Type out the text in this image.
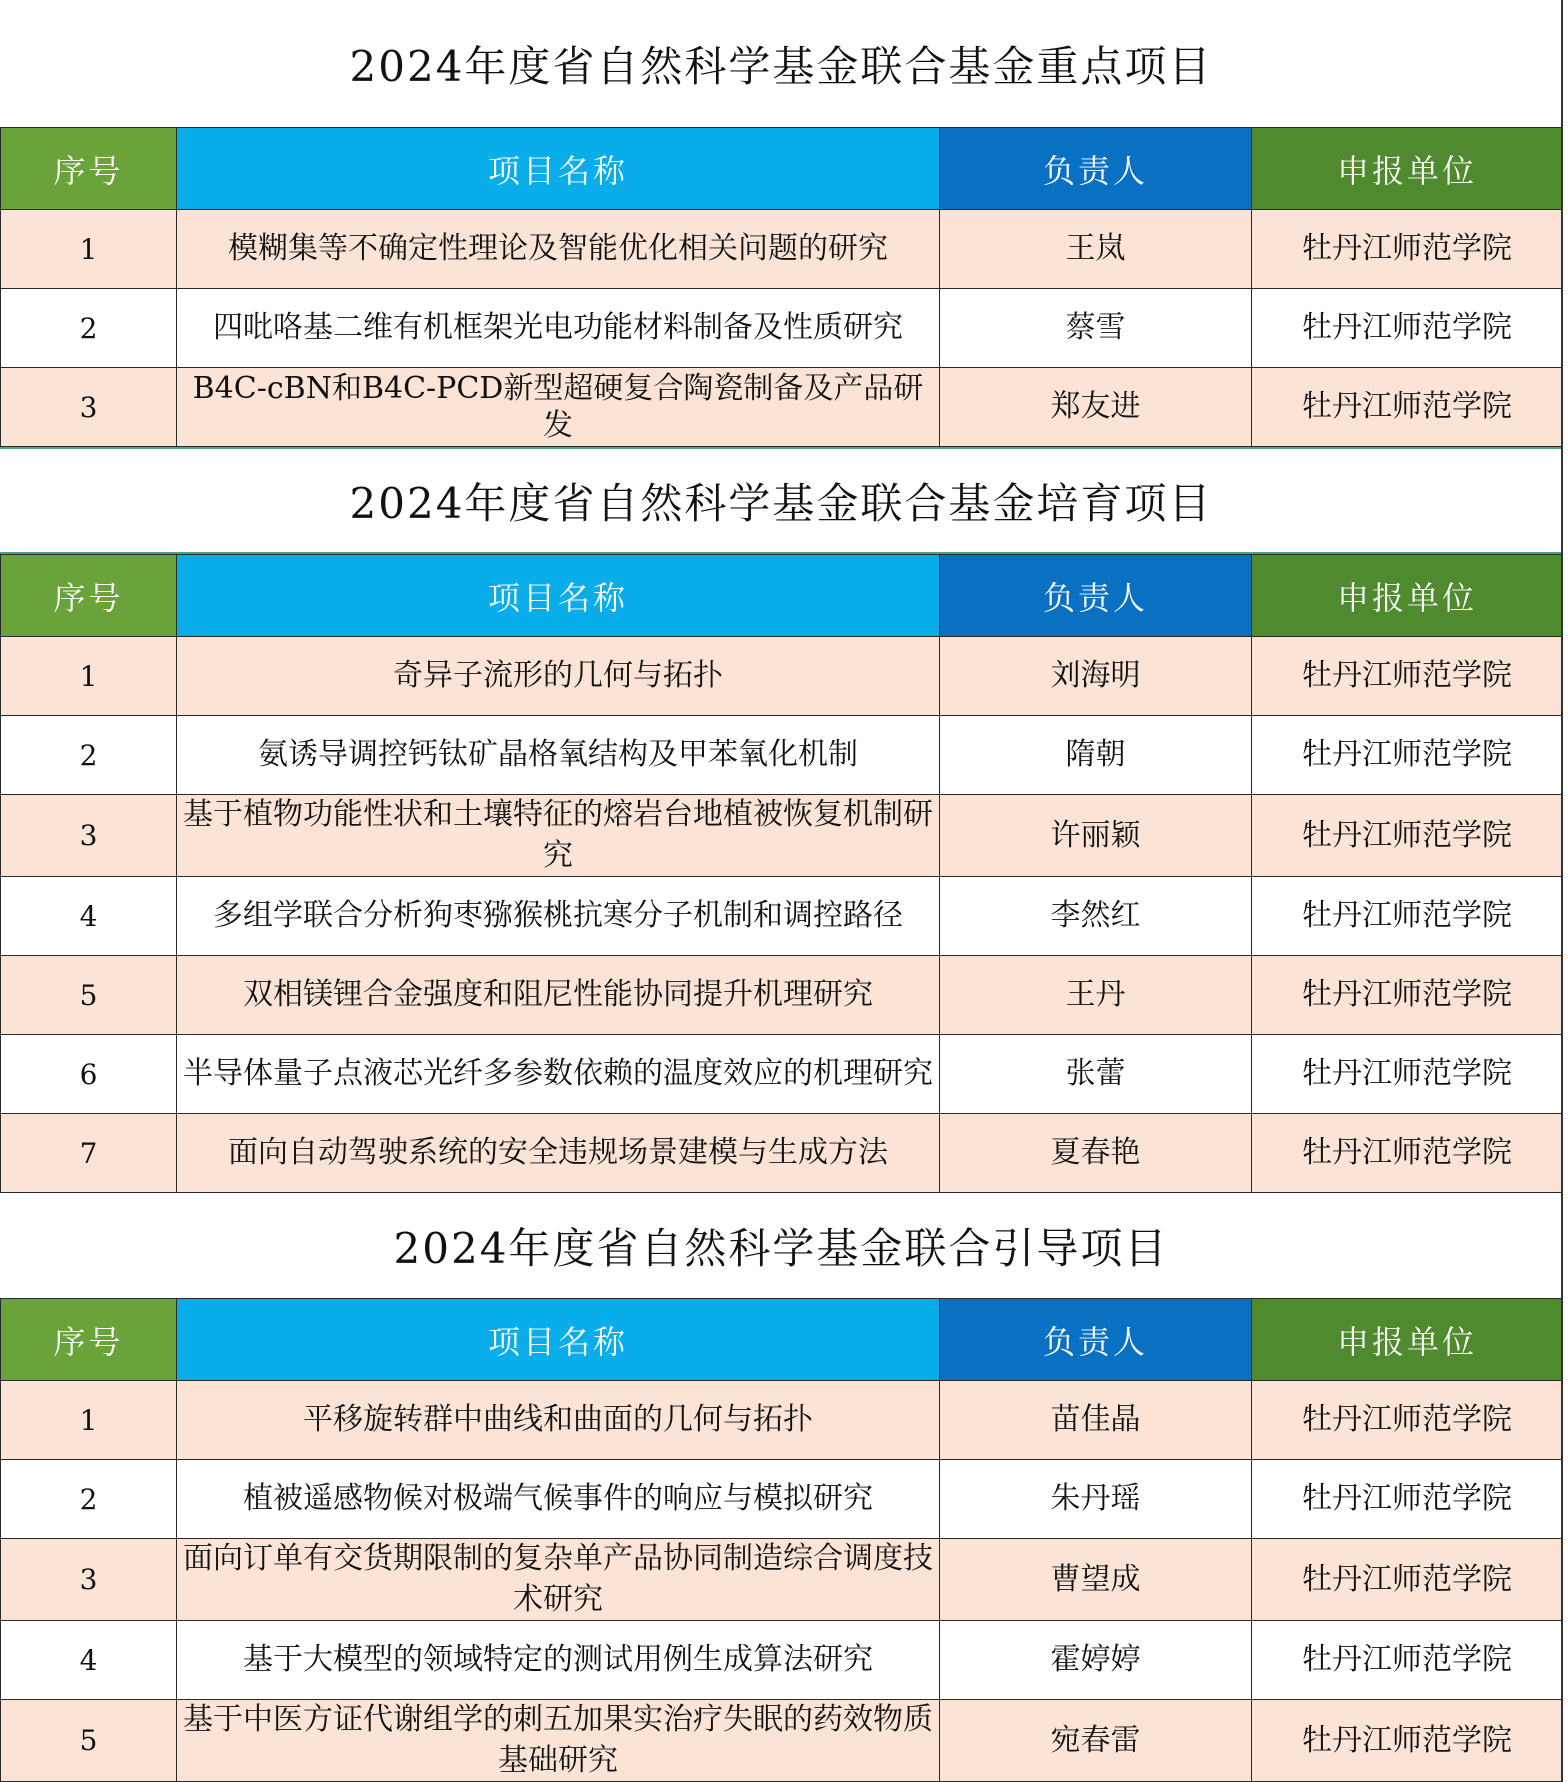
2024年度省自然科学基金联合基金重点项目
序号	项目名称	负责人	申报单位
1	模糊集等不确定性理论及智能优化相关问题的研究	王岚	牡丹江师范学院
2	四吡咯基二维有机框架光电功能材料制备及性质研究	蔡雪	牡丹江师范学院
3	B4C-cBN和B4C-PCD新型超硬复合陶瓷制备及产品研发	郑友进	牡丹江师范学院
2024年度省自然科学基金联合基金培育项目
序号	项目名称	负责人	申报单位
1	奇异子流形的几何与拓扑	刘海明	牡丹江师范学院
2	氨诱导调控钙钛矿晶格氧结构及甲苯氧化机制	隋朝	牡丹江师范学院
3	基于植物功能性状和土壤特征的熔岩台地植被恢复机制研究	许丽颖	牡丹江师范学院
4	多组学联合分析狗枣猕猴桃抗寒分子机制和调控路径	李然红	牡丹江师范学院
5	双相镁锂合金强度和阻尼性能协同提升机理研究	王丹	牡丹江师范学院
6	半导体量子点液芯光纤多参数依赖的温度效应的机理研究	张蕾	牡丹江师范学院
7	面向自动驾驶系统的安全违规场景建模与生成方法	夏春艳	牡丹江师范学院
2024年度省自然科学基金联合引导项目
序号	项目名称	负责人	申报单位
1	平移旋转群中曲线和曲面的几何与拓扑	苗佳晶	牡丹江师范学院
2	植被遥感物候对极端气候事件的响应与模拟研究	朱丹瑶	牡丹江师范学院
3	面向订单有交货期限制的复杂单产品协同制造综合调度技术研究	曹望成	牡丹江师范学院
4	基于大模型的领域特定的测试用例生成算法研究	霍婷婷	牡丹江师范学院
5	基于中医方证代谢组学的刺五加果实治疗失眠的药效物质基础研究	宛春雷	牡丹江师范学院
